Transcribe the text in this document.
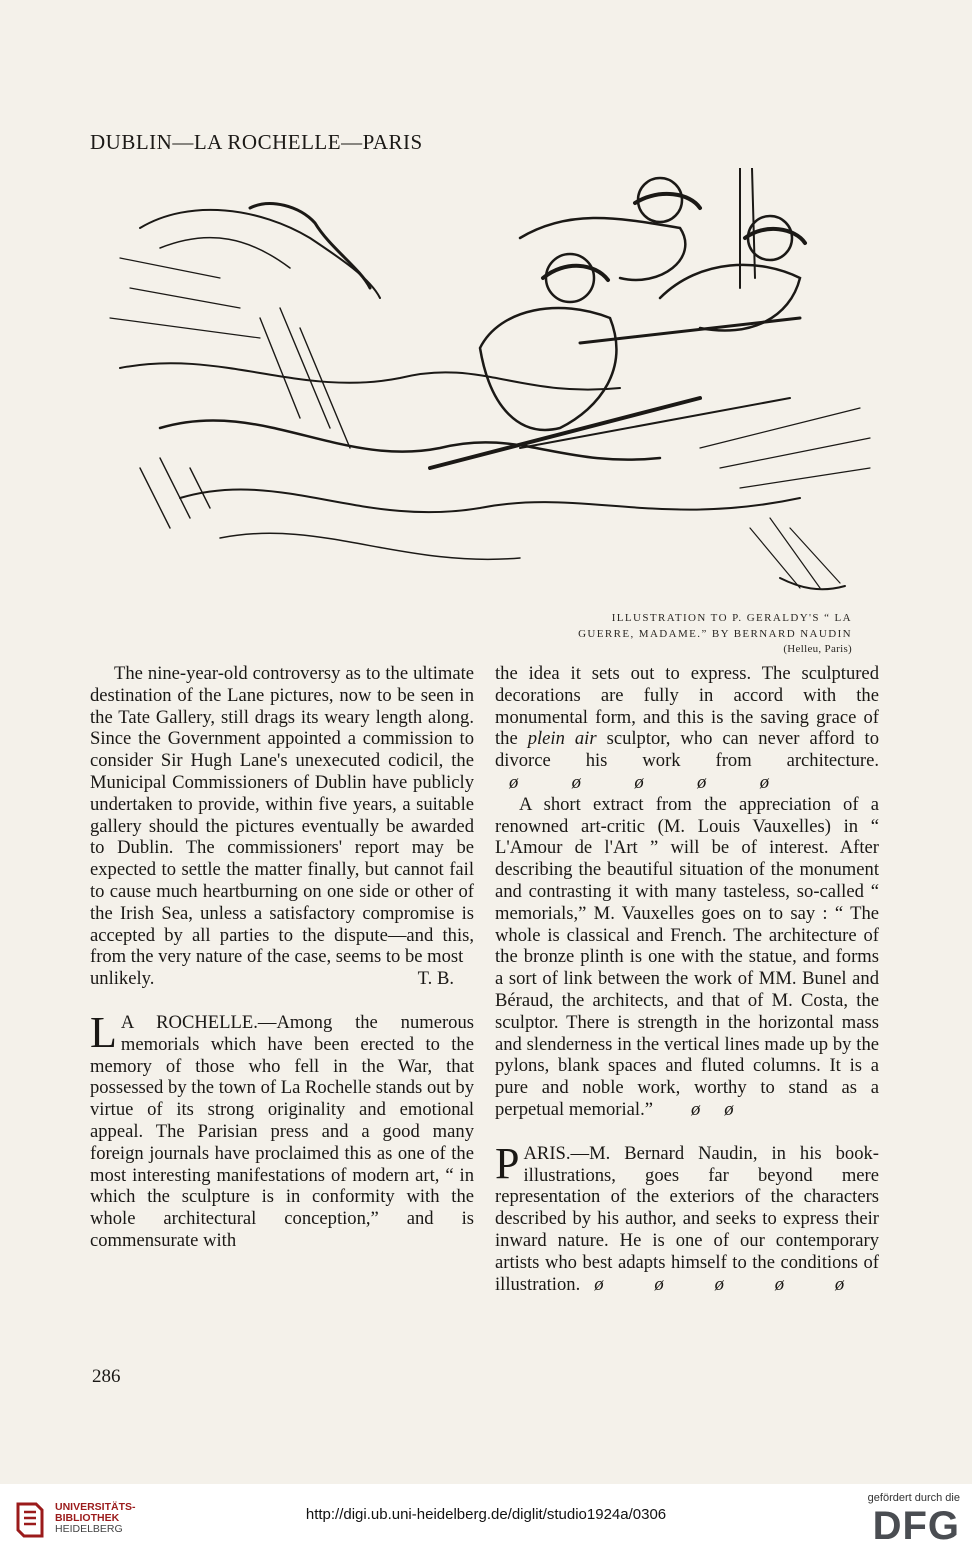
DUBLIN—LA ROCHELLE—PARIS
ILLUSTRATION TO P. GERALDY'S “ LA
GUERRE, MADAME.” BY BERNARD NAUDIN
(Helleu, Paris)

The nine-year-old controversy as to the ultimate destination of the Lane pictures, now to be seen in the Tate Gallery, still drags its weary length along. Since the Government appointed a commission to consider Sir Hugh Lane's unexecuted codicil, the Municipal Commissioners of Dublin have publicly undertaken to provide, within five years, a suitable gallery should the pictures eventually be awarded to Dublin. The commissioners' report may be expected to settle the matter finally, but cannot fail to cause much heartburning on one side or other of the Irish Sea, unless a satisfactory compromise is accepted by all parties to the dispute—and this, from the very nature of the case, seems to be most

unlikely.	T. B.

L A ROCHELLE.—Among the numerous memorials which have been erected to the memory of those who fell in the War, that possessed by the town of La Rochelle stands out by virtue of its strong originality and emotional appeal. The Parisian press and a good many foreign journals have proclaimed this as one of the most interesting manifestations of modern art, “ in which the sculpture is in conformity with the whole architectural conception,” and is commensurate with

the idea it sets out to express. The sculptured decorations are fully in accord with the monumental form, and this is the saving grace of the plein air sculptor, who can never afford to divorce his work from architecture.
ø	ø	ø	ø	ø

A short extract from the appreciation of a renowned art-critic (M. Louis Vauxelles) in “ L'Amour de l'Art ” will be of interest. After describing the beautiful situation of the monument and contrasting it with many tasteless, so-called “ memorials,” M. Vauxelles goes on to say : “ The whole is classical and French. The architecture of the bronze plinth is one with the statue, and forms a sort of link between the work of MM. Bunel and Béraud, the architects, and that of M. Costa, the sculptor. There is strength in the horizontal mass and slenderness in the vertical lines made up by the pylons, blank spaces and fluted columns. It is a pure and noble work, worthy to stand as a perpetual memorial.”	ø	ø

PARIS.—M. Bernard Naudin, in his book-illustrations, goes far beyond mere representation of the exteriors of the characters described by his author, and seeks to express their inward nature. He is one of our contemporary artists who best adapts himself to the conditions of illustration. ø	ø	ø	ø	ø

286
UNIVERSITÄTS-
BIBLIOTHEK
HEIDELBERG
http://digi.ub.uni-heidelberg.de/diglit/studio1924a/0306
gefördert durch die
DFG
